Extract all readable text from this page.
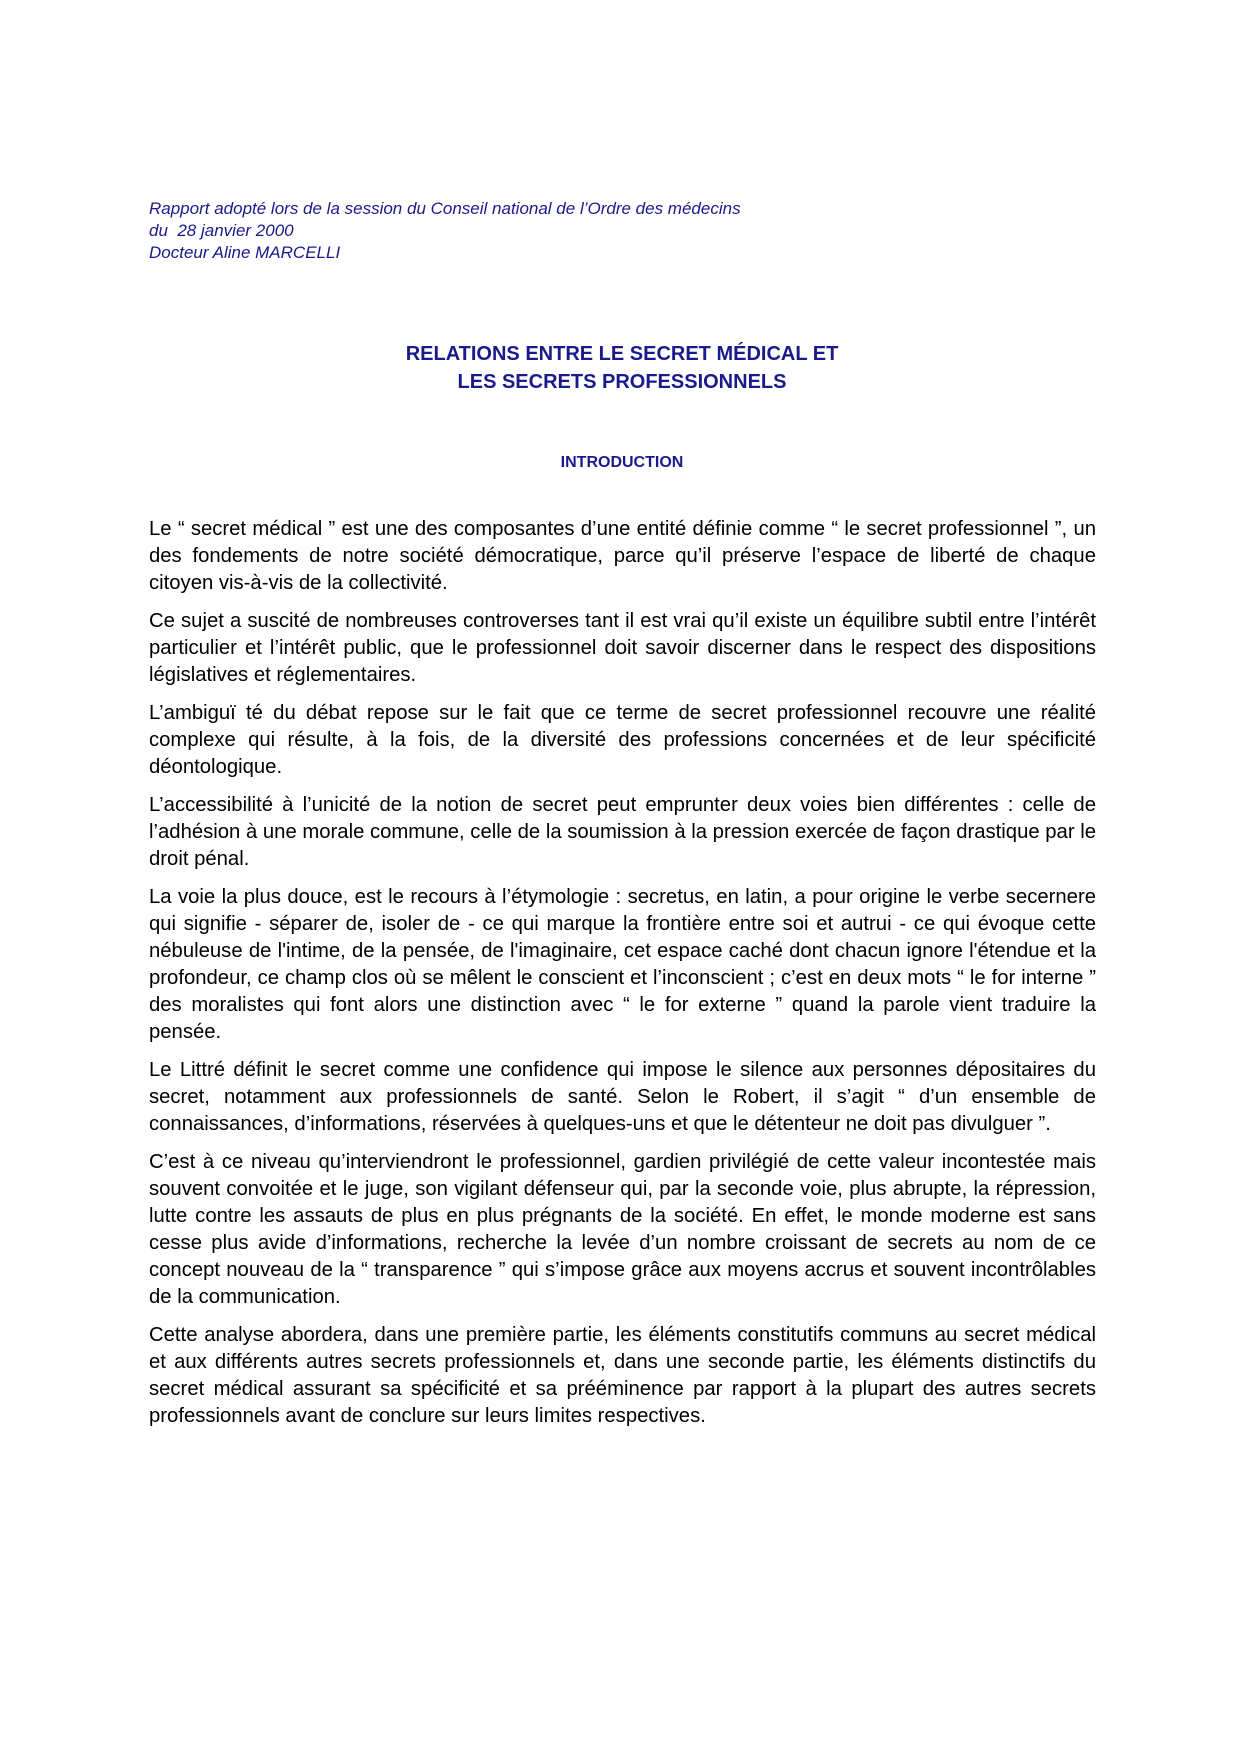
Rapport adopté lors de la session du Conseil national de l’Ordre des médecins
du  28 janvier 2000
Docteur Aline MARCELLI
RELATIONS ENTRE LE SECRET MÉDICAL ET
LES SECRETS PROFESSIONNELS
INTRODUCTION

Le “ secret médical ” est une des composantes d’une entité définie comme “ le secret professionnel ”, un des fondements de notre société démocratique, parce qu’il préserve l’espace de liberté de chaque citoyen vis-à-vis de la collectivité.

Ce sujet a suscité de nombreuses controverses tant il est vrai qu’il existe un équilibre subtil entre l’intérêt particulier et l’intérêt public, que le professionnel doit savoir discerner dans le respect des dispositions législatives et réglementaires.

L’ambiguï té du débat repose sur le fait que ce terme de secret professionnel recouvre une réalité complexe qui résulte, à la fois, de la diversité des professions concernées et de leur spécificité déontologique.

L’accessibilité à l’unicité de la notion de secret peut emprunter deux voies bien différentes : celle de l’adhésion à une morale commune, celle de la soumission à la pression exercée de façon drastique par le droit pénal.

La voie la plus douce, est le recours à l’étymologie : secretus, en latin, a pour origine le verbe secernere qui signifie - séparer de, isoler de - ce qui marque la frontière entre soi et autrui - ce qui évoque cette nébuleuse de l'intime, de la pensée, de l'imaginaire, cet espace caché dont chacun ignore l'étendue et la profondeur, ce champ clos où se mêlent le conscient et l’inconscient ; c’est en deux mots “ le for interne ” des moralistes qui font alors une distinction avec “ le for externe ” quand la parole vient traduire la pensée.

Le Littré définit le secret comme une confidence qui impose le silence aux personnes dépositaires du secret, notamment aux professionnels de santé. Selon le Robert, il s’agit “ d’un ensemble de connaissances, d’informations, réservées à quelques-uns et que le détenteur ne doit pas divulguer ”.

C’est à ce niveau qu’interviendront le professionnel, gardien privilégié de cette valeur incontestée mais souvent convoitée et le juge, son vigilant défenseur qui, par la seconde voie, plus abrupte, la répression, lutte contre les assauts de plus en plus prégnants de la société. En effet, le monde moderne est sans cesse plus avide d’informations, recherche la levée d’un nombre croissant de secrets au nom de ce concept nouveau de la “ transparence ” qui s’impose grâce aux moyens accrus et souvent incontrôlables de la communication.

Cette analyse abordera, dans une première partie, les éléments constitutifs communs au secret médical et aux différents autres secrets professionnels et, dans une seconde partie, les éléments distinctifs du secret médical assurant sa spécificité et sa prééminence par rapport à la plupart des autres secrets professionnels avant de conclure sur leurs limites respectives.
